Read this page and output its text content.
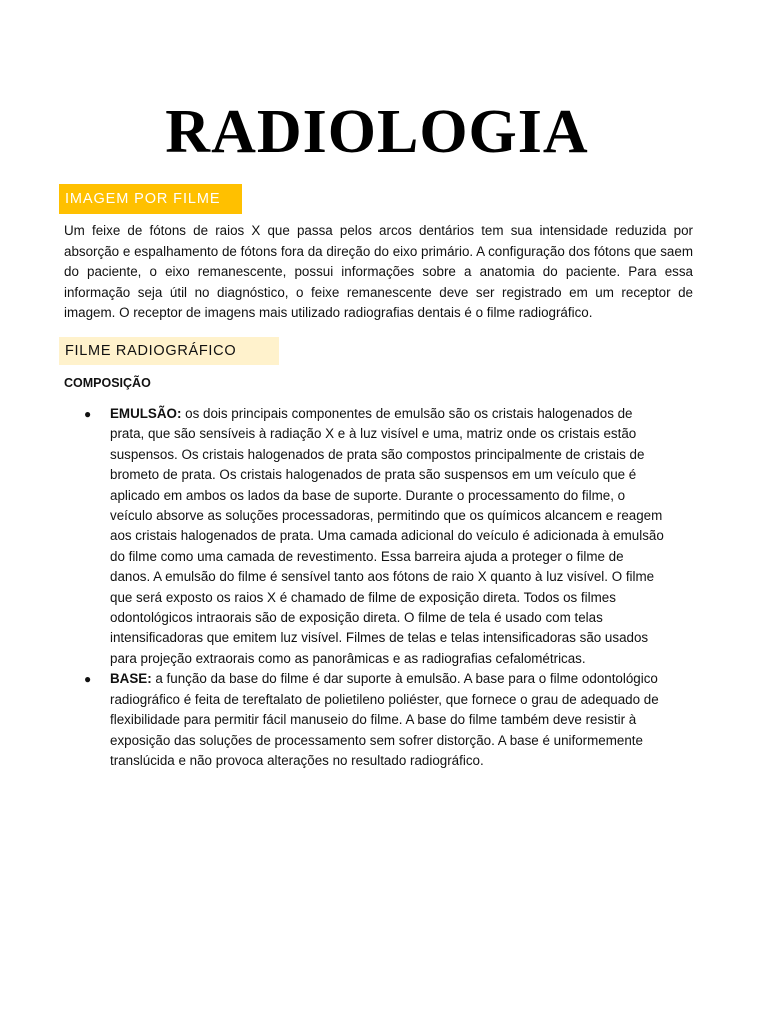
RADIOLOGIA
IMAGEM POR FILME

Um feixe de fótons de raios X que passa pelos arcos dentários tem sua intensidade reduzida por absorção e espalhamento de fótons fora da direção do eixo primário. A configuração dos fótons que saem do paciente, o eixo remanescente, possui informações sobre a anatomia do paciente. Para essa informação seja útil no diagnóstico, o feixe remanescente deve ser registrado em um receptor de imagem. O receptor de imagens mais utilizado radiografias dentais é o filme radiográfico.

FILME RADIOGRÁFICO
COMPOSIÇÃO
● EMULSÃO: os dois principais componentes de emulsão são os cristais halogenados de prata, que são sensíveis à radiação X e à luz visível e uma, matriz onde os cristais estão suspensos. Os cristais halogenados de prata são compostos principalmente de cristais de brometo de prata. Os cristais halogenados de prata são suspensos em um veículo que é aplicado em ambos os lados da base de suporte. Durante o processamento do filme, o veículo absorve as soluções processadoras, permitindo que os químicos alcancem e reagem aos cristais halogenados de prata. Uma camada adicional do veículo é adicionada à emulsão do filme como uma camada de revestimento. Essa barreira ajuda a proteger o filme de danos. A emulsão do filme é sensível tanto aos fótons de raio X quanto à luz visível. O filme que será exposto os raios X é chamado de filme de exposição direta. Todos os filmes odontológicos intraorais são de exposição direta. O filme de tela é usado com telas intensificadoras que emitem luz visível. Filmes de telas e telas intensificadoras são usados para projeção extraorais como as panorâmicas e as radiografias cefalométricas.
● BASE: a função da base do filme é dar suporte à emulsão. A base para o filme odontológico radiográfico é feita de tereftalato de polietileno poliéster, que fornece o grau de adequado de flexibilidade para permitir fácil manuseio do filme. A base do filme também deve resistir à exposição das soluções de processamento sem sofrer distorção. A base é uniformemente translúcida e não provoca alterações no resultado radiográfico.
